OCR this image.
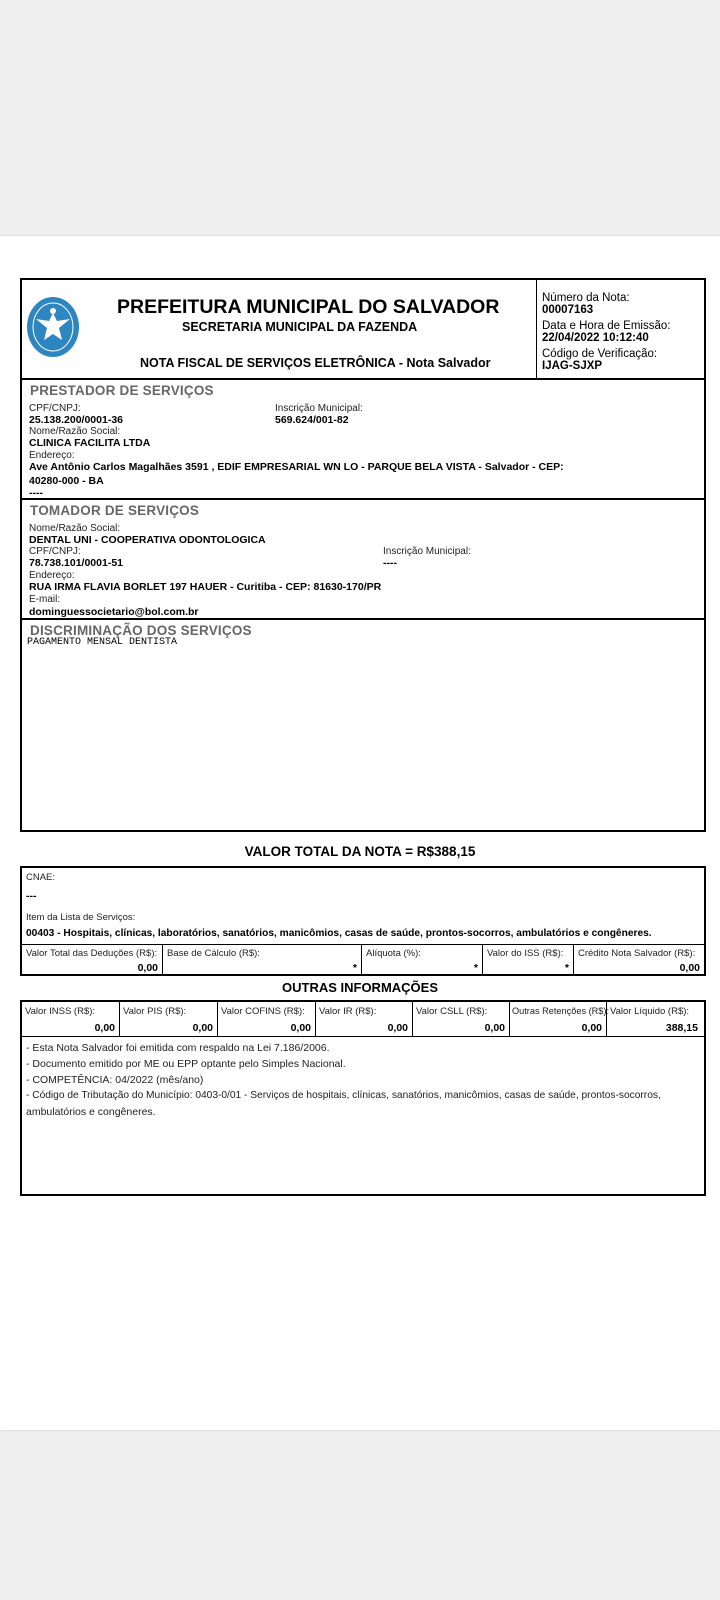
PREFEITURA MUNICIPAL DO SALVADOR
SECRETARIA MUNICIPAL DA FAZENDA
NOTA FISCAL DE SERVIÇOS ELETRÔNICA - Nota Salvador
Número da Nota:
00007163
Data e Hora de Emissão:
22/04/2022 10:12:40
Código de Verificação:
IJAG-SJXP
PRESTADOR DE SERVIÇOS
CPF/CNPJ:
25.138.200/0001-36
Inscrição Municipal:
569.624/001-82
Nome/Razão Social:
CLINICA FACILITA LTDA
Endereço:
Ave Antônio Carlos Magalhães 3591 , EDIF EMPRESARIAL WN LO - PARQUE BELA VISTA - Salvador - CEP:
40280-000 - BA
----
TOMADOR DE SERVIÇOS
Nome/Razão Social:
DENTAL UNI - COOPERATIVA ODONTOLOGICA
CPF/CNPJ:
78.738.101/0001-51
Inscrição Municipal:
----
Endereço:
RUA IRMA FLAVIA BORLET 197 HAUER - Curitiba - CEP: 81630-170/PR
E-mail:
dominguessocietario@bol.com.br
DISCRIMINAÇÃO DOS SERVIÇOS
PAGAMENTO MENSAL DENTISTA
VALOR TOTAL DA NOTA = R$388,15
CNAE:
---
Item da Lista de Serviços:
00403 - Hospitais, clínicas, laboratórios, sanatórios, manicômios, casas de saúde, prontos-socorros, ambulatórios e congêneres.
Valor Total das Deduções (R$):
0,00
Base de Cálculo (R$):
*
Alíquota (%):
*
Valor do ISS (R$):
*
Crédito Nota Salvador (R$):
0,00
OUTRAS INFORMAÇÕES
Valor INSS (R$):
0,00
Valor PIS (R$):
0,00
Valor COFINS (R$):
0,00
Valor IR (R$):
0,00
Valor CSLL (R$):
0,00
Outras Retenções (R$):
0,00
Valor Líquido (R$):
388,15
- Esta Nota Salvador foi emitida com respaldo na Lei 7.186/2006.
- Documento emitido por ME ou EPP optante pelo Simples Nacional.
- COMPETÊNCIA: 04/2022 (mês/ano)
- Código de Tributação do Município: 0403-0/01 - Serviços de hospitais, clínicas, sanatórios, manicômios, casas de saúde, prontos-socorros,
ambulatórios e congêneres.
